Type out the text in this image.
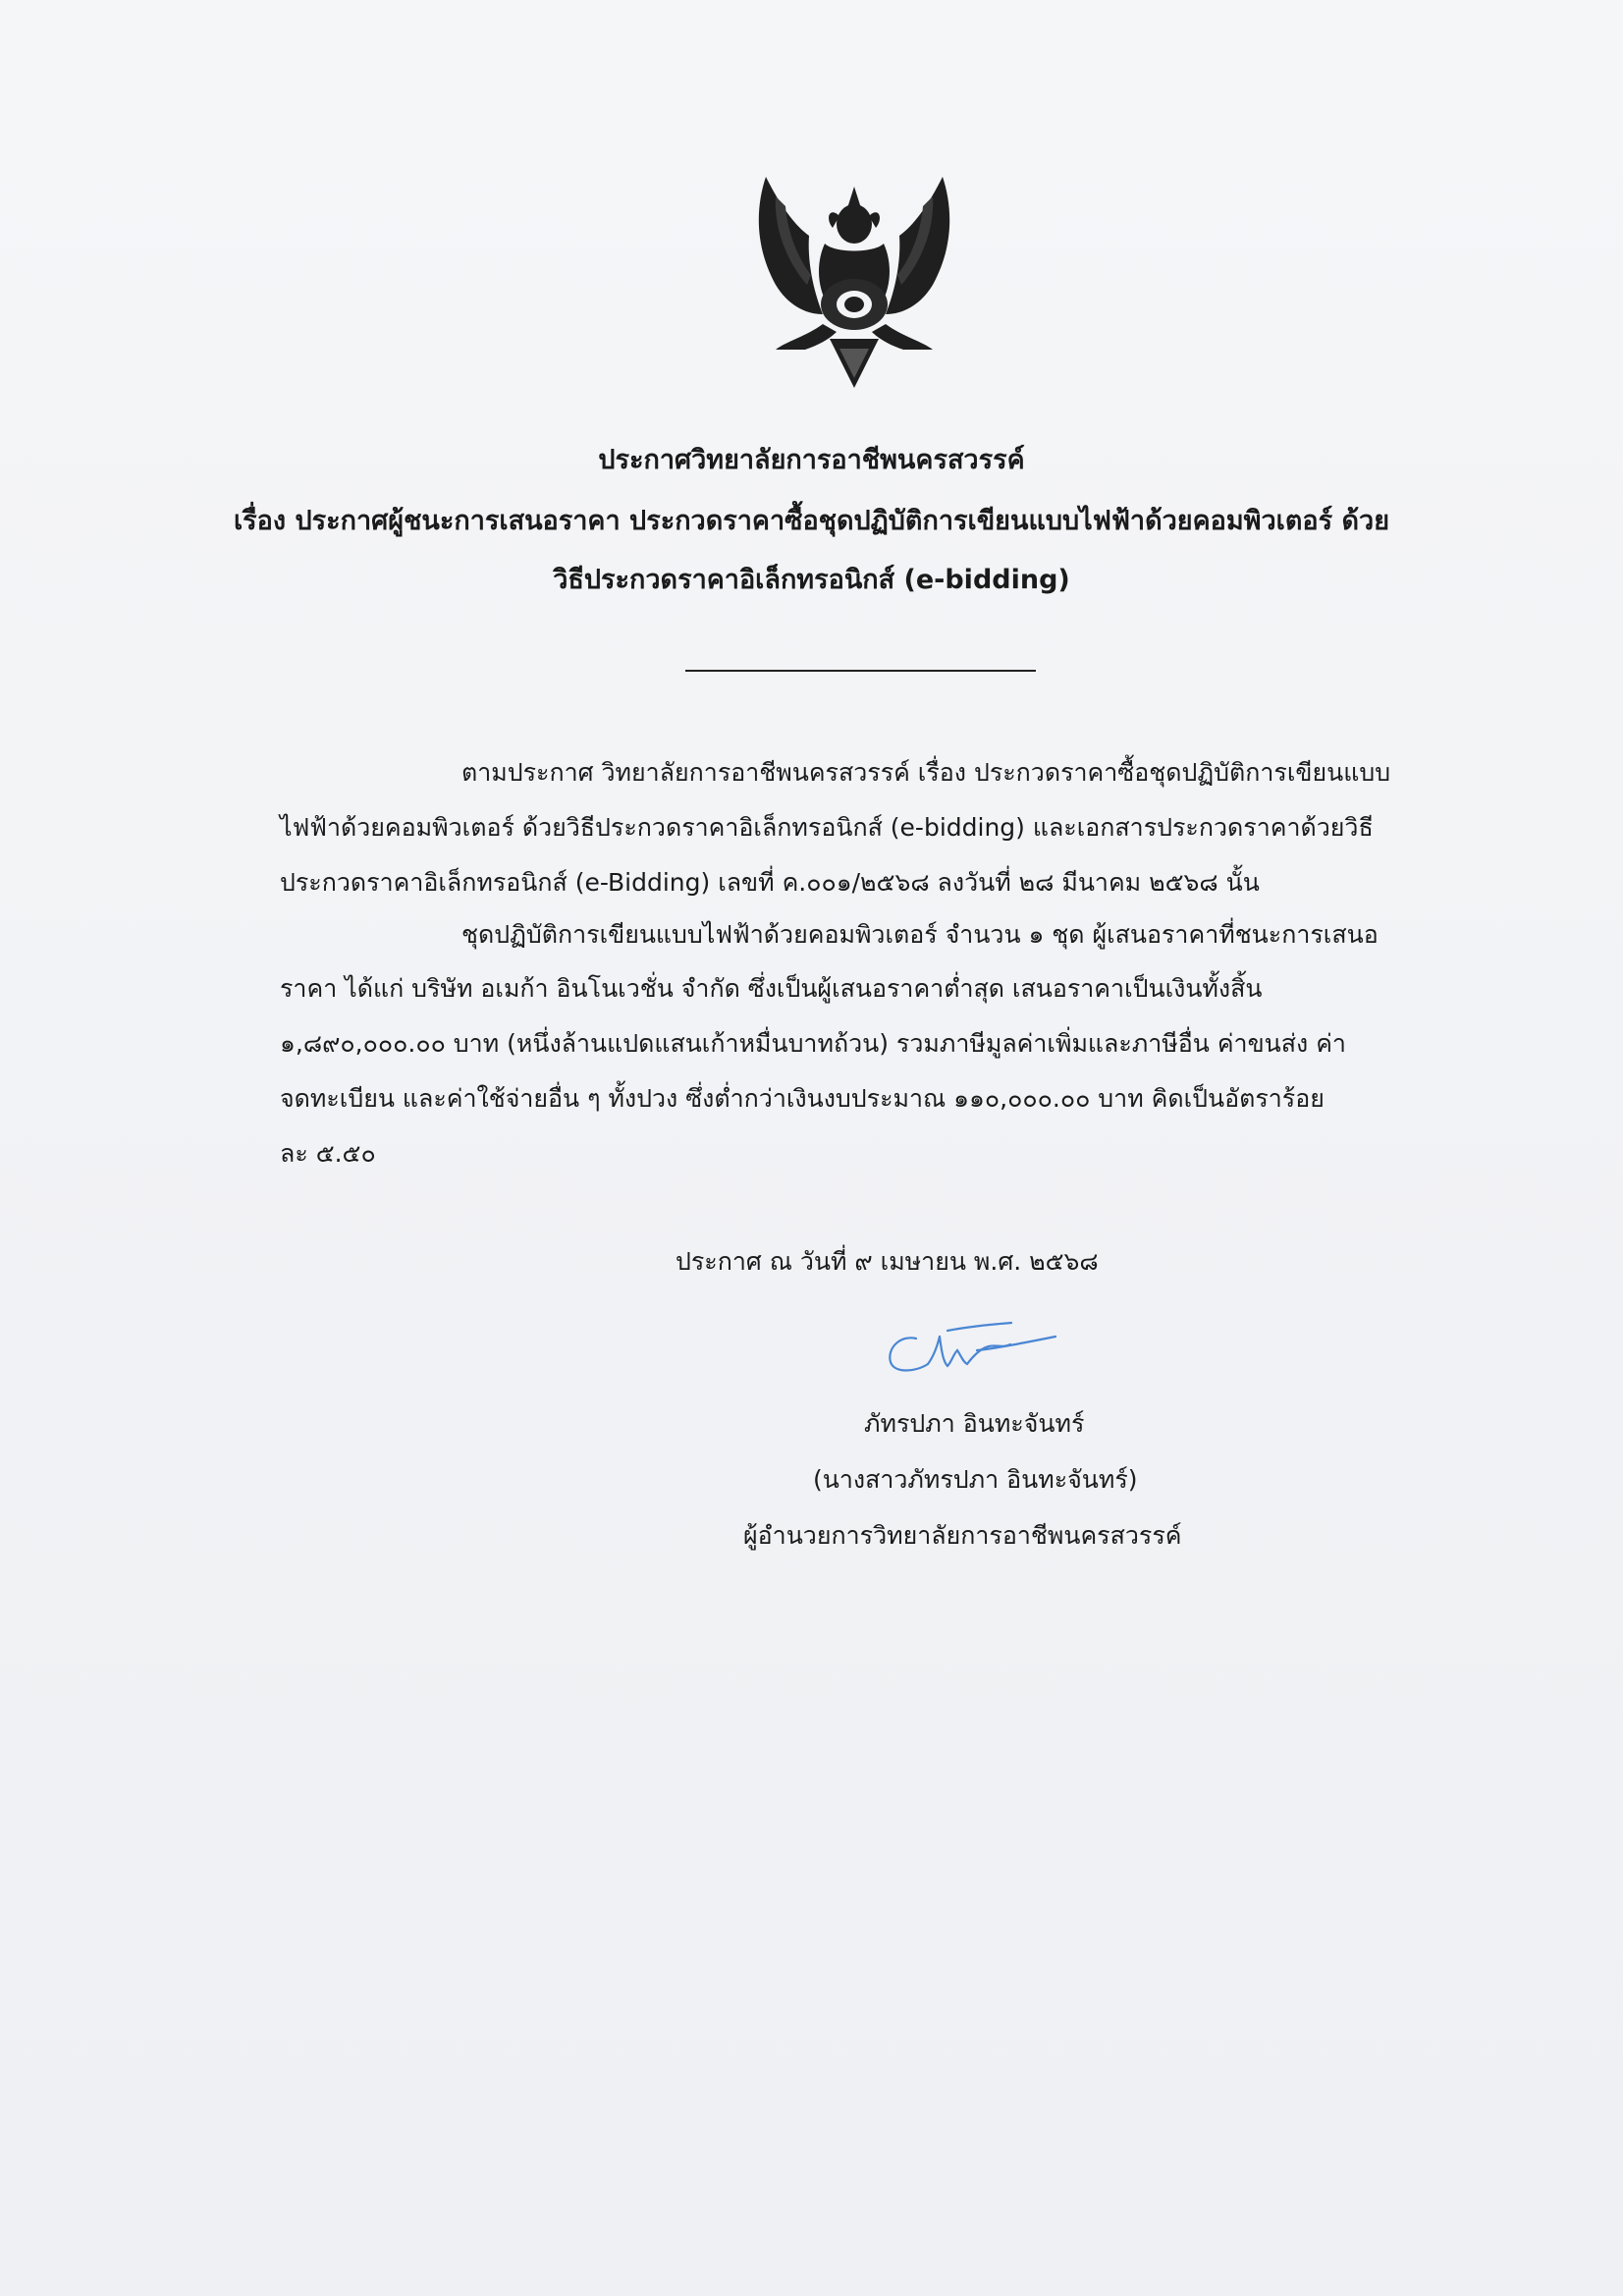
ประกาศวิทยาลัยการอาชีพนครสวรรค์
เรื่อง ประกาศผู้ชนะการเสนอราคา ประกวดราคาซื้อชุดปฏิบัติการเขียนแบบไฟฟ้าด้วยคอมพิวเตอร์ ด้วย
วิธีประกวดราคาอิเล็กทรอนิกส์ (e-bidding)
ตามประกาศ วิทยาลัยการอาชีพนครสวรรค์ เรื่อง ประกวดราคาซื้อชุดปฏิบัติการเขียนแบบ
ไฟฟ้าด้วยคอมพิวเตอร์ ด้วยวิธีประกวดราคาอิเล็กทรอนิกส์ (e-bidding) และเอกสารประกวดราคาด้วยวิธี
ประกวดราคาอิเล็กทรอนิกส์ (e-Bidding) เลขที่ ค.๐๐๑/๒๕๖๘ ลงวันที่ ๒๘ มีนาคม ๒๕๖๘ นั้น
ชุดปฏิบัติการเขียนแบบไฟฟ้าด้วยคอมพิวเตอร์ จำนวน ๑ ชุด ผู้เสนอราคาที่ชนะการเสนอ
ราคา ได้แก่ บริษัท อเมก้า อินโนเวชั่น จำกัด ซึ่งเป็นผู้เสนอราคาต่ำสุด เสนอราคาเป็นเงินทั้งสิ้น
๑,๘๙๐,๐๐๐.๐๐ บาท (หนึ่งล้านแปดแสนเก้าหมื่นบาทถ้วน) รวมภาษีมูลค่าเพิ่มและภาษีอื่น ค่าขนส่ง ค่า
จดทะเบียน และค่าใช้จ่ายอื่น ๆ ทั้งปวง ซึ่งต่ำกว่าเงินงบประมาณ ๑๑๐,๐๐๐.๐๐ บาท คิดเป็นอัตราร้อย
ละ ๕.๕๐
ประกาศ ณ วันที่ ๙ เมษายน พ.ศ. ๒๕๖๘
ภัทรปภา อินทะจันทร์
(นางสาวภัทรปภา อินทะจันทร์)
ผู้อำนวยการวิทยาลัยการอาชีพนครสวรรค์
